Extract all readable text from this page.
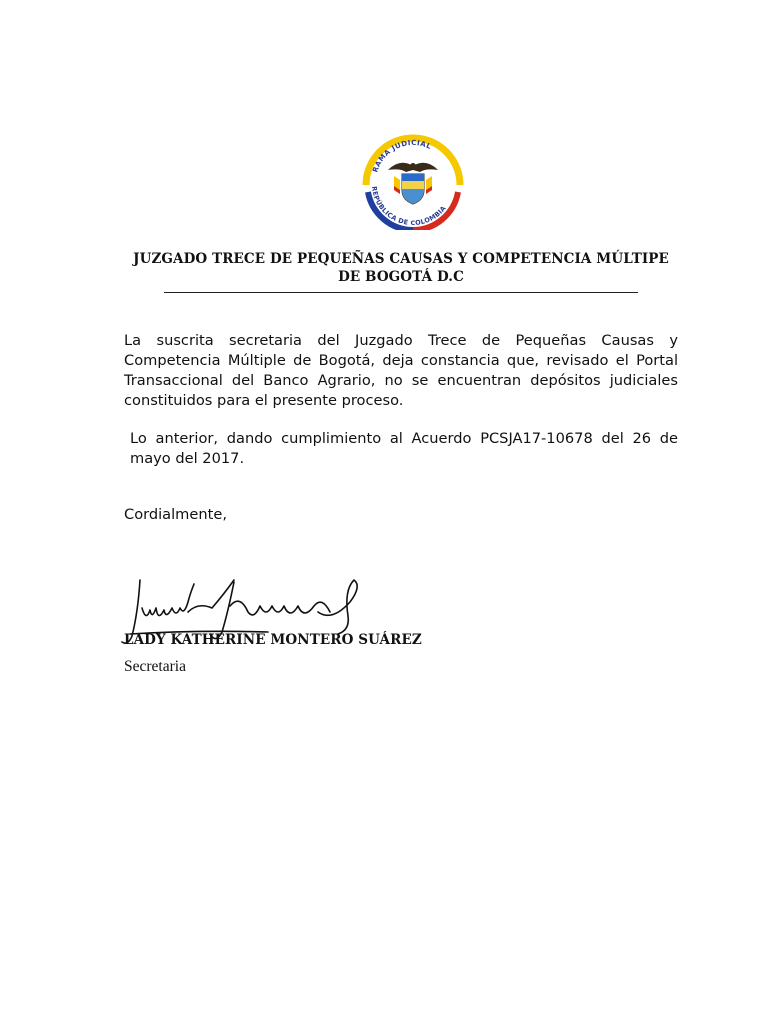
RAMA JUDICIAL
REPÚBLICA DE COLOMBIA
JUZGADO TRECE DE PEQUEÑAS CAUSAS Y COMPETENCIA MÚLTIPE
DE BOGOTÁ D.C

La suscrita secretaria del Juzgado Trece de Pequeñas Causas y Competencia Múltiple de Bogotá, deja constancia que, revisado el Portal Transaccional del Banco Agrario, no se encuentran depósitos judiciales constituidos para el presente proceso.

Lo anterior, dando cumplimiento al Acuerdo PCSJA17-10678 del 26 de mayo del 2017.

Cordialmente,

LADY KATHERINE MONTERO SUÁREZ
Secretaria
